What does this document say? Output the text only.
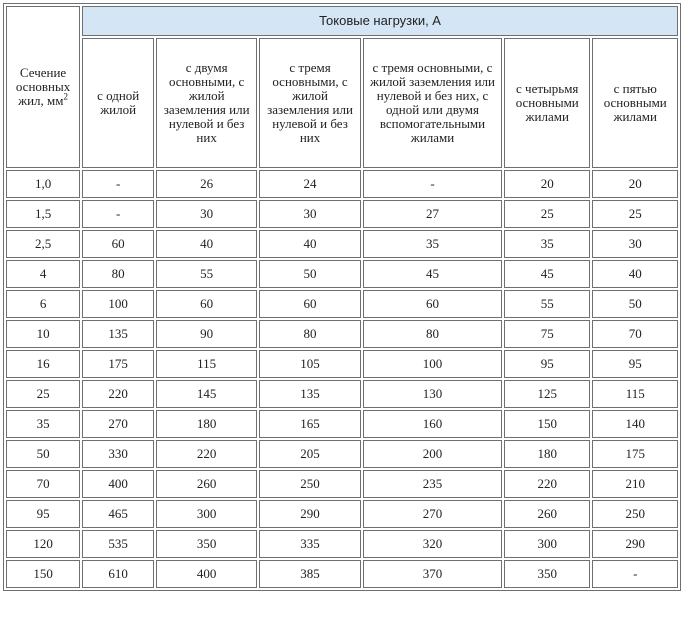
Сечение основных жил, $мм^2$	Токовые нагрузки, А					
	с одной жилой	с двумя основными, с жилой заземления или нулевой и без них	с тремя основными, с жилой заземления или нулевой и без них	с тремя основными, с жилой заземления или нулевой и без них, с одной или двумя вспомогательными жилами	с четырьмя основными жилами	с пятью основными жилами
1,0	-	26	24	-	20	20
1,5	-	30	30	27	25	25
2,5	60	40	40	35	35	30
4	80	55	50	45	45	40
6	100	60	60	60	55	50
10	135	90	80	80	75	70
16	175	115	105	100	95	95
25	220	145	135	130	125	115
35	270	180	165	160	150	140
50	330	220	205	200	180	175
70	400	260	250	235	220	210
95	465	300	290	270	260	250
120	535	350	335	320	300	290
150	610	400	385	370	350	-
